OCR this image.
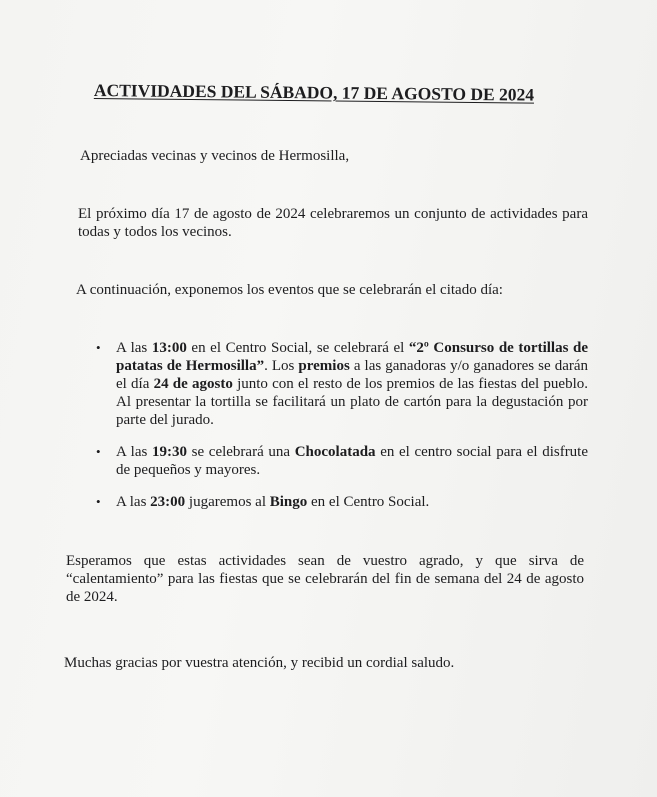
ACTIVIDADES DEL SÁBADO, 17 DE AGOSTO DE 2024

Apreciadas vecinas y vecinos de Hermosilla,

El próximo día 17 de agosto de 2024 celebraremos un conjunto de actividades para todas y todos los vecinos.

A continuación, exponemos los eventos que se celebrarán el citado día:

• A las 13:00 en el Centro Social, se celebrará el “2º Consurso de tortillas de patatas de Hermosilla”. Los premios a las ganadoras y/o ganadores se darán el día 24 de agosto junto con el resto de los premios de las fiestas del pueblo. Al presentar la tortilla se facilitará un plato de cartón para la degustación por parte del jurado.
• A las 19:30 se celebrará una Chocolatada en el centro social para el disfrute de pequeños y mayores.
• A las 23:00 jugaremos al Bingo en el Centro Social.

Esperamos que estas actividades sean de vuestro agrado, y que sirva de “calentamiento” para las fiestas que se celebrarán del fin de semana del 24 de agosto de 2024.

Muchas gracias por vuestra atención, y recibid un cordial saludo.
